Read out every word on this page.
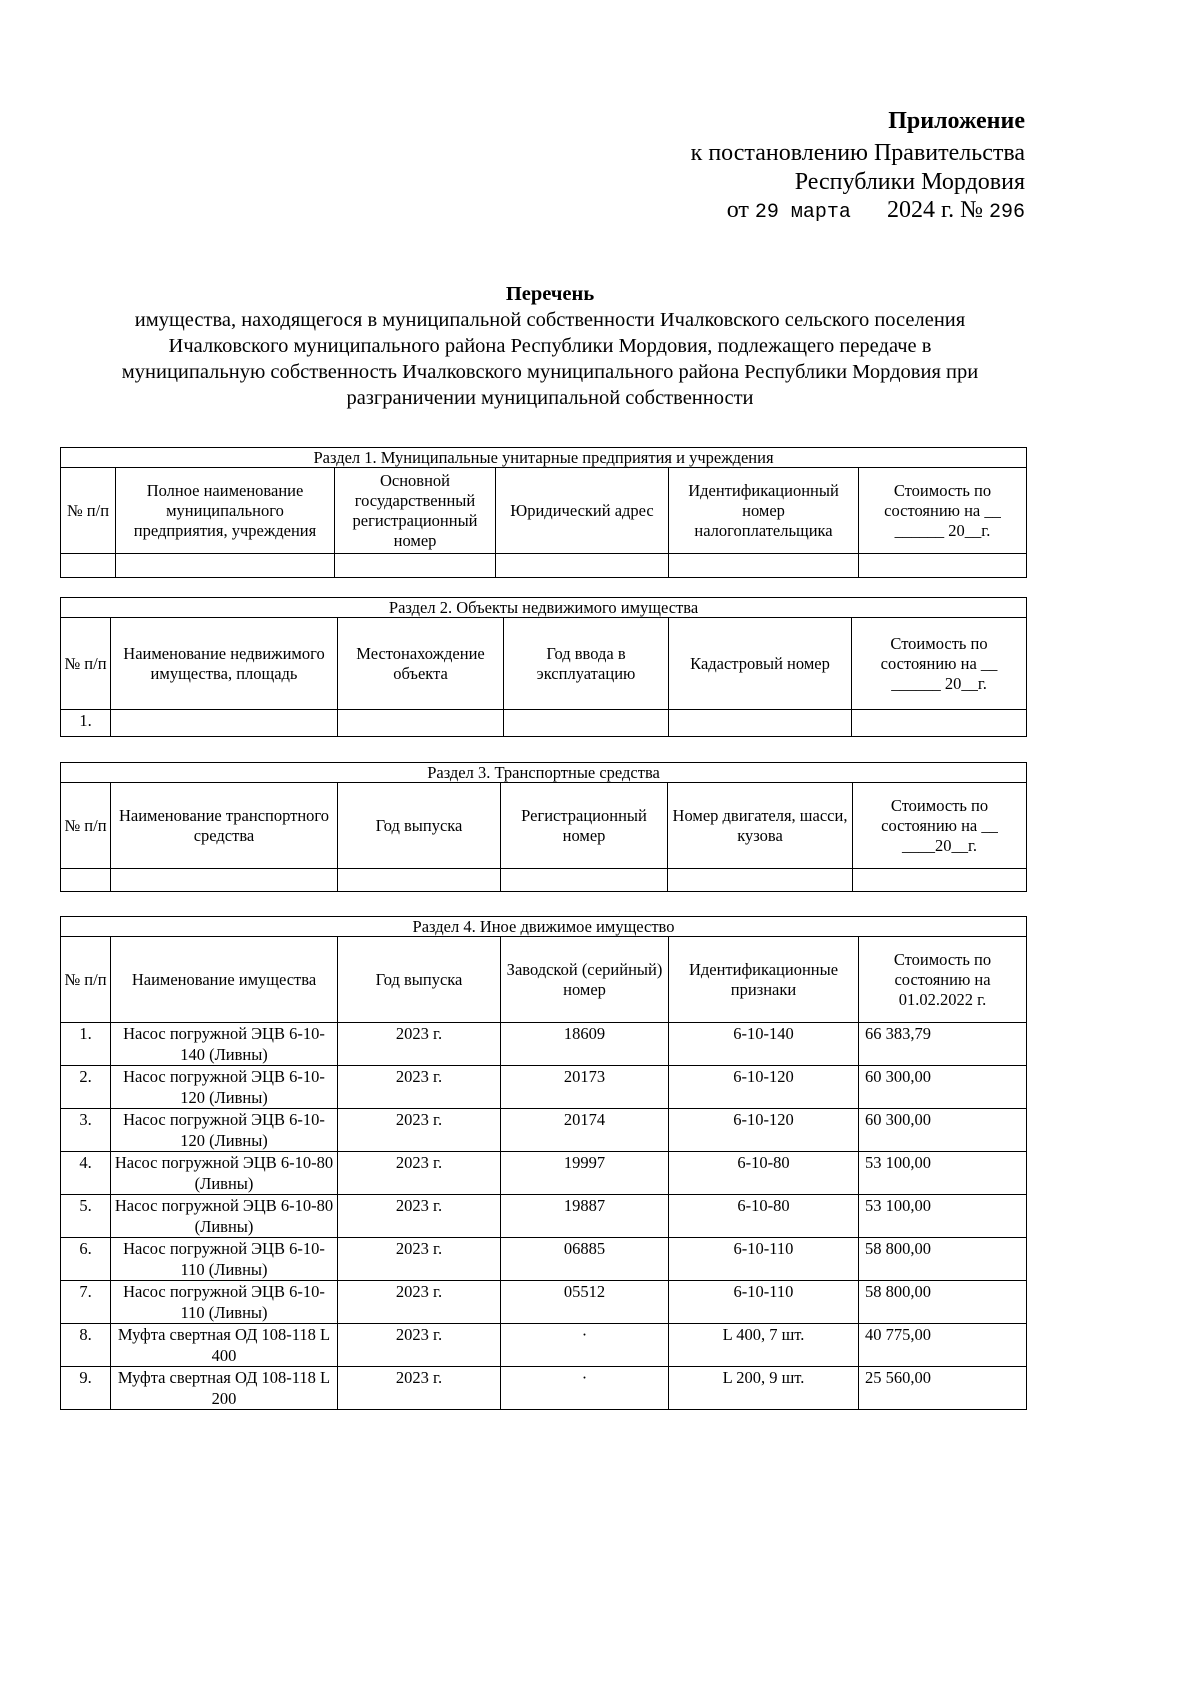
Приложение
к постановлению Правительства
Республики Мордовия
от 29 марта 2024 г. № 296
Перечень
имущества, находящегося в муниципальной собственности Ичалковского сельского поселения
Ичалковского муниципального района Республики Мордовия, подлежащего передаче в
муниципальную собственность Ичалковского муниципального района Республики Мордовия при
разграничении муниципальной собственности
Раздел 1. Муниципальные унитарные предприятия и учреждения					
№ п/п	Полное наименование муниципального предприятия, учреждения	Основной государственный регистрационный номер	Юридический адрес	Идентификационный номер налогоплательщика	Стоимость по состоянию на __ ______ 20__г.

Раздел 2. Объекты недвижимого имущества					
№ п/п	Наименование недвижимого имущества, площадь	Местонахождение объекта	Год ввода в эксплуатацию	Кадастровый номер	Стоимость по состоянию на __ ______ 20__г.
1.					
Раздел 3. Транспортные средства					
№ п/п	Наименование транспортного средства	Год выпуска	Регистрационный номер	Номер двигателя, шасси, кузова	Стоимость по состоянию на __ ____20__г.

Раздел 4. Иное движимое имущество					
№ п/п	Наименование имущества	Год выпуска	Заводской (серийный) номер	Идентификационные признаки	Стоимость по состоянию на 01.02.2022 г.
1.	Насос погружной ЭЦВ 6-10-140 (Ливны)	2023 г.	18609	6-10-140	66 383,79
2.	Насос погружной ЭЦВ 6-10-120 (Ливны)	2023 г.	20173	6-10-120	60 300,00
3.	Насос погружной ЭЦВ 6-10-120 (Ливны)	2023 г.	20174	6-10-120	60 300,00
4.	Насос погружной ЭЦВ 6-10-80 (Ливны)	2023 г.	19997	6-10-80	53 100,00
5.	Насос погружной ЭЦВ 6-10-80 (Ливны)	2023 г.	19887	6-10-80	53 100,00
6.	Насос погружной ЭЦВ 6-10-110 (Ливны)	2023 г.	06885	6-10-110	58 800,00
7.	Насос погружной ЭЦВ 6-10-110 (Ливны)	2023 г.	05512	6-10-110	58 800,00
8.	Муфта свертная ОД 108-118 L 400	2023 г.	·	L 400, 7 шт.	40 775,00
9.	Муфта свертная ОД 108-118 L 200	2023 г.	·	L 200, 9 шт.	25 560,00
